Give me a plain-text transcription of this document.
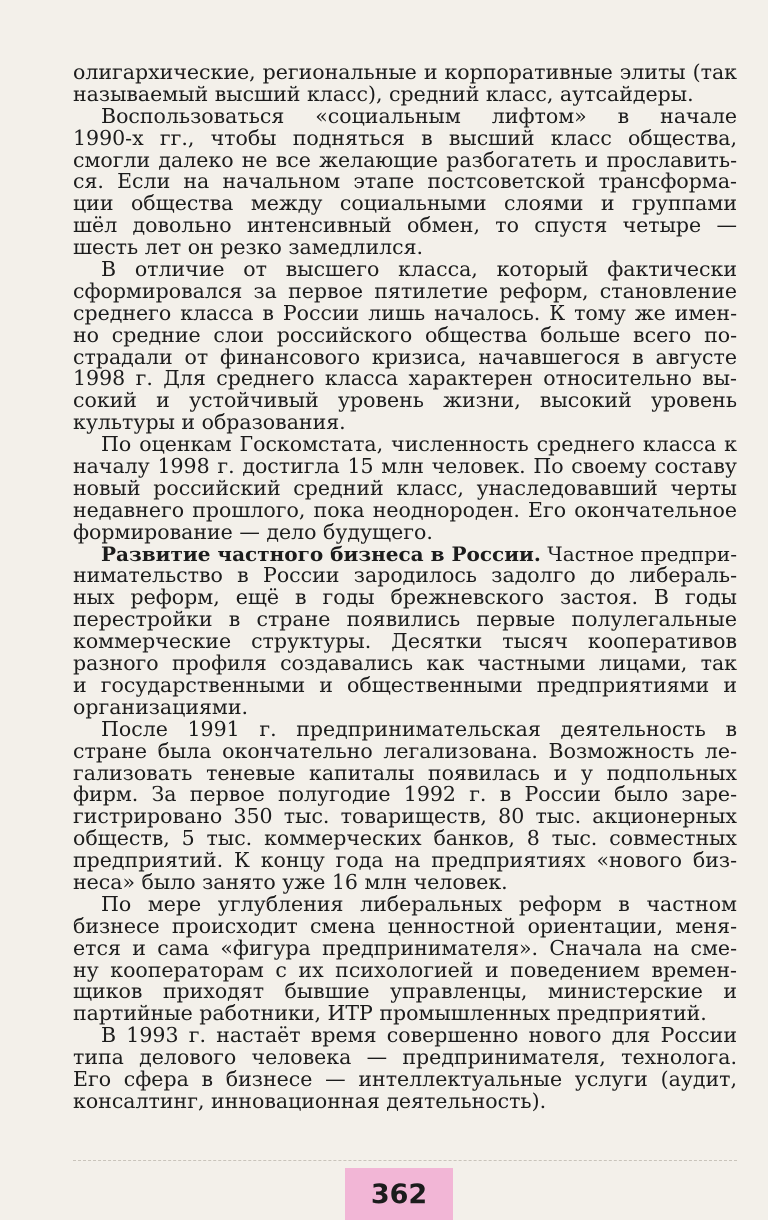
олигархические, региональные и корпоративные элиты (так
называемый высший класс), средний класс, аутсайдеры.
Воспользоваться «социальным лифтом» в начале
1990-х гг., чтобы подняться в высший класс общества,
смогли далеко не все желающие разбогатеть и прославить-
ся. Если на начальном этапе постсоветской трансформа-
ции общества между социальными слоями и группами
шёл довольно интенсивный обмен, то спустя четыре —
шесть лет он резко замедлился.
В отличие от высшего класса, который фактически
сформировался за первое пятилетие реформ, становление
среднего класса в России лишь началось. К тому же имен-
но средние слои российского общества больше всего по-
страдали от финансового кризиса, начавшегося в августе
1998 г. Для среднего класса характерен относительно вы-
сокий и устойчивый уровень жизни, высокий уровень
культуры и образования.
По оценкам Госкомстата, численность среднего класса к
началу 1998 г. достигла 15 млн человек. По своему составу
новый российский средний класс, унаследовавший черты
недавнего прошлого, пока неоднороден. Его окончательное
формирование — дело будущего.
Развитие частного бизнеса в России. Частное предпри-
нимательство в России зародилось задолго до либераль-
ных реформ, ещё в годы брежневского застоя. В годы
перестройки в стране появились первые полулегальные
коммерческие структуры. Десятки тысяч кооперативов
разного профиля создавались как частными лицами, так
и государственными и общественными предприятиями и
организациями.
После 1991 г. предпринимательская деятельность в
стране была окончательно легализована. Возможность ле-
гализовать теневые капиталы появилась и у подпольных
фирм. За первое полугодие 1992 г. в России было заре-
гистрировано 350 тыс. товариществ, 80 тыс. акционерных
обществ, 5 тыс. коммерческих банков, 8 тыс. совместных
предприятий. К концу года на предприятиях «нового биз-
неса» было занято уже 16 млн человек.
По мере углубления либеральных реформ в частном
бизнесе происходит смена ценностной ориентации, меня-
ется и сама «фигура предпринимателя». Сначала на сме-
ну кооператорам с их психологией и поведением времен-
щиков приходят бывшие управленцы, министерские и
партийные работники, ИТР промышленных предприятий.
В 1993 г. настаёт время совершенно нового для России
типа делового человека — предпринимателя, технолога.
Его сфера в бизнесе — интеллектуальные услуги (аудит,
консалтинг, инновационная деятельность).
362
